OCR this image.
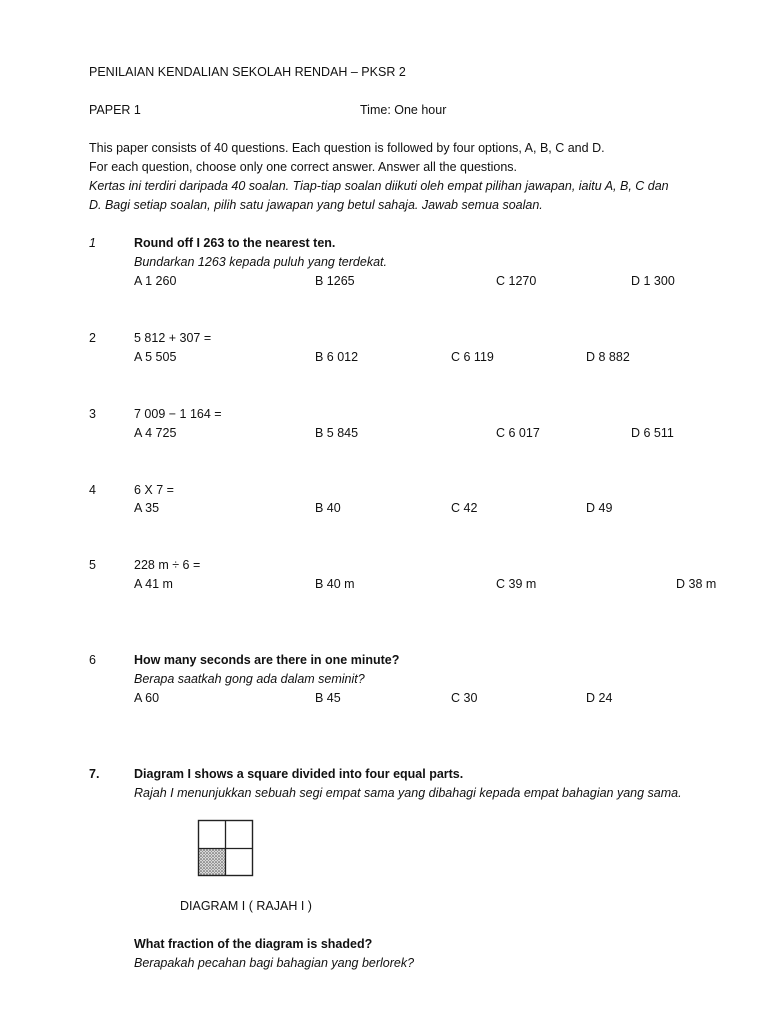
PENILAIAN KENDALIAN SEKOLAH RENDAH – PKSR 2
PAPER 1	Time: One hour
This paper consists of 40 questions. Each question is followed by four options, A, B, C and D.
For each question, choose only one correct answer. Answer all the questions.
Kertas ini terdiri daripada 40 soalan. Tiap-tiap soalan diikuti oleh empat pilihan jawapan, iaitu A, B, C dan
D. Bagi setiap soalan, pilih satu jawapan yang betul sahaja. Jawab semua soalan.
1	Round off I 263 to the nearest ten.
Bundarkan 1263 kepada puluh yang terdekat.
A 1 260	B 1265	C 1270	D 1 300
2	5 812 + 307 =
A 5 505	B 6 012	C 6 119	D 8 882
3	7 009 − 1 164 =
A 4 725	B 5 845	C 6 017	D 6 511
4	6 X 7 =
A 35	B 40	C 42	D 49
5	228 m ÷ 6 =
A 41 m	B 40 m	C 39 m	D 38 m
6	How many seconds are there in one minute?
Berapa saatkah gong ada dalam seminit?
A 60	B 45	C 30	D 24
7.	Diagram I shows a square divided into four equal parts.
Rajah I menunjukkan sebuah segi empat sama yang dibahagi kepada empat bahagian yang sama.
DIAGRAM I ( RAJAH I )
What fraction of the diagram is shaded?
Berapakah pecahan bagi bahagian yang berlorek?
